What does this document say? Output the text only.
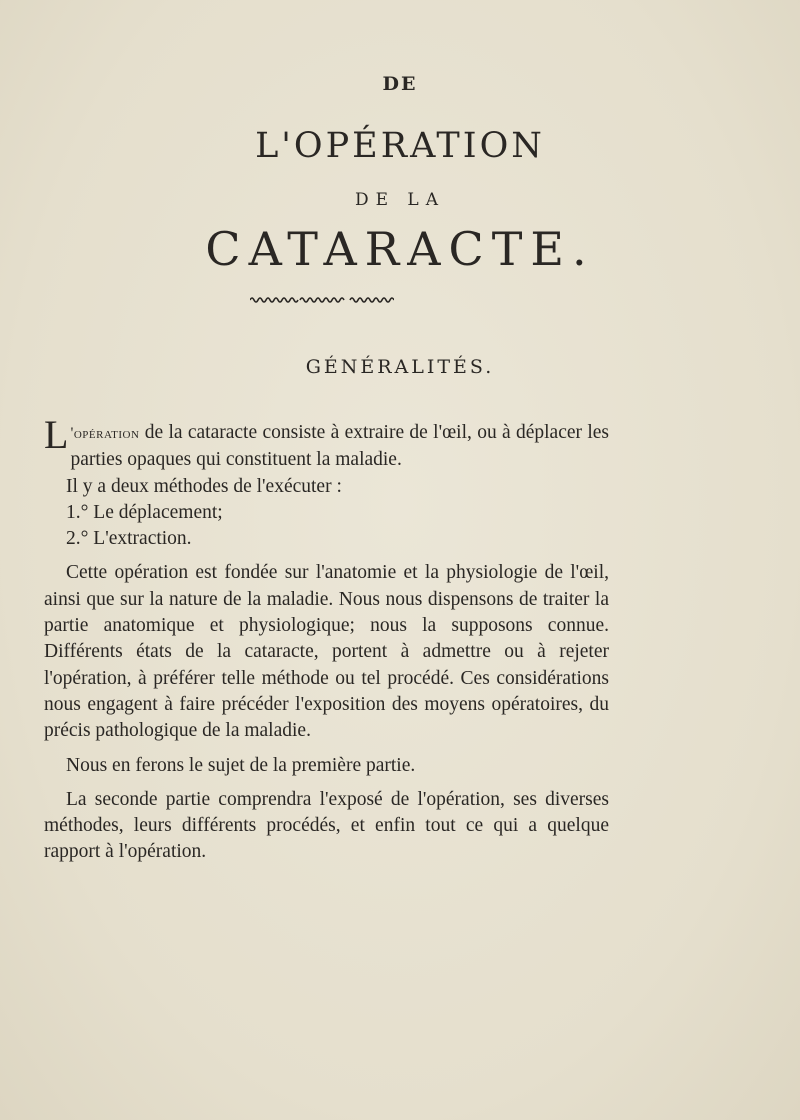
DE
L'OPÉRATION
DE LA
CATARACTE.
GÉNÉRALITÉS.

L 'opération de la cataracte consiste à extraire de l'œil, ou à déplacer les parties opaques qui constituent la maladie.

Il y a deux méthodes de l'exécuter :

1.° Le déplacement;

2.° L'extraction.

Cette opération est fondée sur l'anatomie et la physiologie de l'œil, ainsi que sur la nature de la maladie. Nous nous dispensons de traiter la partie anatomique et physiologique; nous la supposons connue. Différents états de la cataracte, portent à admettre ou à rejeter l'opération, à préférer telle méthode ou tel procédé. Ces considérations nous engagent à faire précéder l'exposition des moyens opératoires, du précis pathologique de la maladie.

Nous en ferons le sujet de la première partie.

La seconde partie comprendra l'exposé de l'opération, ses diverses méthodes, leurs différents procédés, et enfin tout ce qui a quelque rapport à l'opération.
